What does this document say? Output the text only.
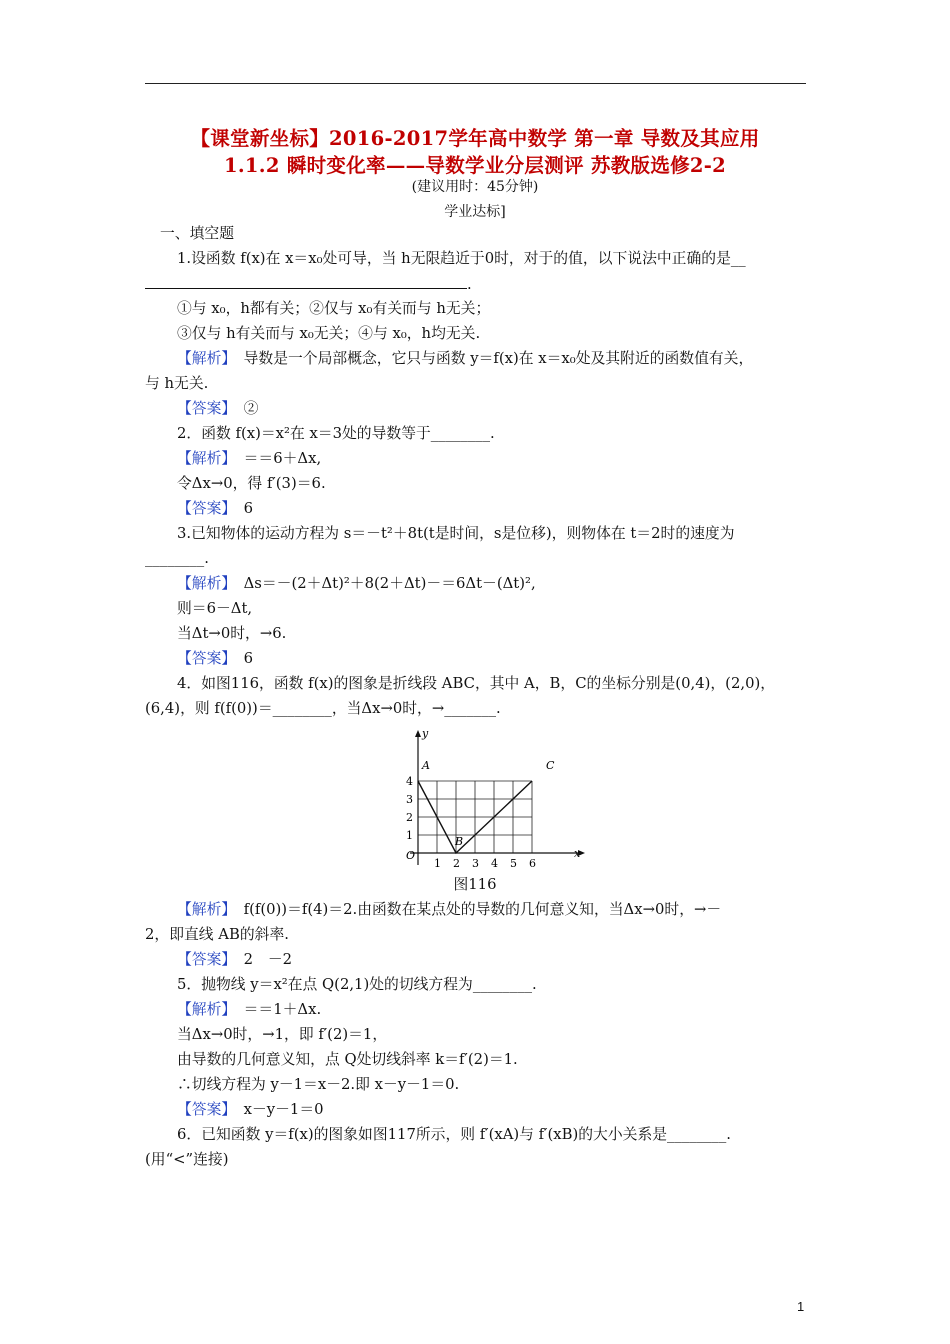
【课堂新坐标】2016-2017学年高中数学 第一章 导数及其应用
1.1.2 瞬时变化率——导数学业分层测评 苏教版选修2-2
(建议用时：45分钟)
学业达标]
一、填空题
1.设函数 f(x)在 x＝x₀处可导，当 h无限趋近于0时，对于的值，以下说法中正确的是__
.
①与 x₀，h都有关；②仅与 x₀有关而与 h无关；
③仅与 h有关而与 x₀无关；④与 x₀，h均无关.
【解析】　 导数是一个局部概念，它只与函数 y＝f(x)在 x＝x₀处及其附近的函数值有关，
与 h无关.
【答案】　 ②
2．函数 f(x)＝x²在 x＝3处的导数等于________.
【解析】　 ＝＝6＋Δx,
令Δx→0，得 f′(3)＝6.
【答案】　 6
3.已知物体的运动方程为 s＝－t²＋8t(t是时间，s是位移)，则物体在 t＝2时的速度为
________.
【解析】　 Δs＝－(2＋Δt)²＋8(2＋Δt)－＝6Δt－(Δt)²,
则＝6－Δt,
当Δt→0时，→6.
【答案】　 6
4．如图116，函数 f(x)的图象是折线段 ABC，其中 A，B，C的坐标分别是(0,4)，(2,0)，
(6,4)，则 f(f(0))＝________，当Δx→0时，→_______.
1 2 3 4 5 6
1
2
3
4
x
y
O
A
B
C
图116
【解析】　 f(f(0))＝f(4)＝2.由函数在某点处的导数的几何意义知，当Δx→0时，→－
2，即直线 AB的斜率.
【答案】　 2　－2
5．抛物线 y＝x²在点 Q(2,1)处的切线方程为________.
【解析】　 ＝＝1＋Δx.
当Δx→0时，→1，即 f′(2)＝1，
由导数的几何意义知，点 Q处切线斜率 k＝f′(2)＝1.
∴切线方程为 y－1＝x－2.即 x－y－1＝0.
【答案】　 x－y－1＝0
6．已知函数 y＝f(x)的图象如图117所示，则 f′(xA)与 f′(xB)的大小关系是________.
(用“<”连接)
1
